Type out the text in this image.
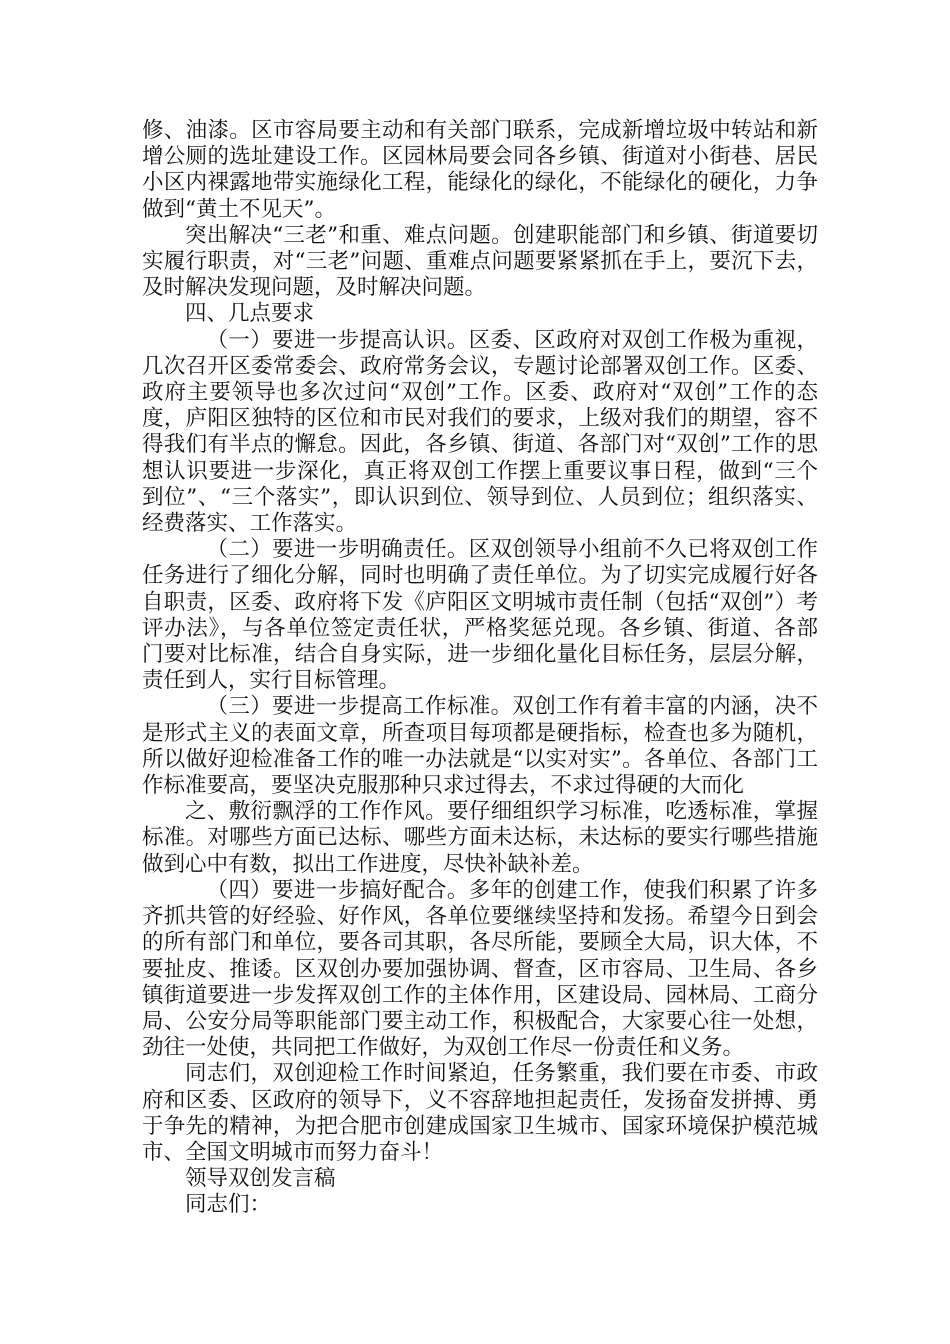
修、油漆。区市容局要主动和有关部门联系，完成新增垃圾中转站和新增公厕的选址建设工作。区园林局要会同各乡镇、街道对小街巷、居民小区内裸露地带实施绿化工程，能绿化的绿化，不能绿化的硬化，力争做到“黄土不见天”。

突出解决“三老”和重、难点问题。创建职能部门和乡镇、街道要切实履行职责，对“三老”问题、重难点问题要紧紧抓在手上，要沉下去，及时解决发现问题，及时解决问题。

四、几点要求

（一）要进一步提高认识。区委、区政府对双创工作极为重视，几次召开区委常委会、政府常务会议，专题讨论部署双创工作。区委、政府主要领导也多次过问“双创”工作。区委、政府对“双创”工作的态度，庐阳区独特的区位和市民对我们的要求，上级对我们的期望，容不得我们有半点的懈怠。因此，各乡镇、街道、各部门对“双创”工作的思想认识要进一步深化，真正将双创工作摆上重要议事日程，做到“三个到位”、“三个落实”，即认识到位、领导到位、人员到位；组织落实、经费落实、工作落实。

（二）要进一步明确责任。区双创领导小组前不久已将双创工作任务进行了细化分解，同时也明确了责任单位。为了切实完成履行好各自职责，区委、政府将下发《庐阳区文明城市责任制（包括“双创”）考评办法》，与各单位签定责任状，严格奖惩兑现。各乡镇、街道、各部门要对比标准，结合自身实际，进一步细化量化目标任务，层层分解，责任到人，实行目标管理。

（三）要进一步提高工作标准。双创工作有着丰富的内涵，决不是形式主义的表面文章，所查项目每项都是硬指标，检查也多为随机，所以做好迎检准备工作的唯一办法就是“以实对实”。各单位、各部门工作标准要高，要坚决克服那种只求过得去，不求过得硬的大而化

之、敷衍飘浮的工作作风。要仔细组织学习标准，吃透标准，掌握标准。对哪些方面已达标、哪些方面未达标，未达标的要实行哪些措施做到心中有数，拟出工作进度，尽快补缺补差。

（四）要进一步搞好配合。多年的创建工作，使我们积累了许多齐抓共管的好经验、好作风，各单位要继续坚持和发扬。希望今日到会的所有部门和单位，要各司其职，各尽所能，要顾全大局，识大体，不要扯皮、推诿。区双创办要加强协调、督查，区市容局、卫生局、各乡镇街道要进一步发挥双创工作的主体作用，区建设局、园林局、工商分局、公安分局等职能部门要主动工作，积极配合，大家要心往一处想，劲往一处使，共同把工作做好，为双创工作尽一份责任和义务。

同志们，双创迎检工作时间紧迫，任务繁重，我们要在市委、市政府和区委、区政府的领导下，义不容辞地担起责任，发扬奋发拼搏、勇于争先的精神，为把合肥市创建成国家卫生城市、国家环境保护模范城市、全国文明城市而努力奋斗！

领导双创发言稿

同志们：
